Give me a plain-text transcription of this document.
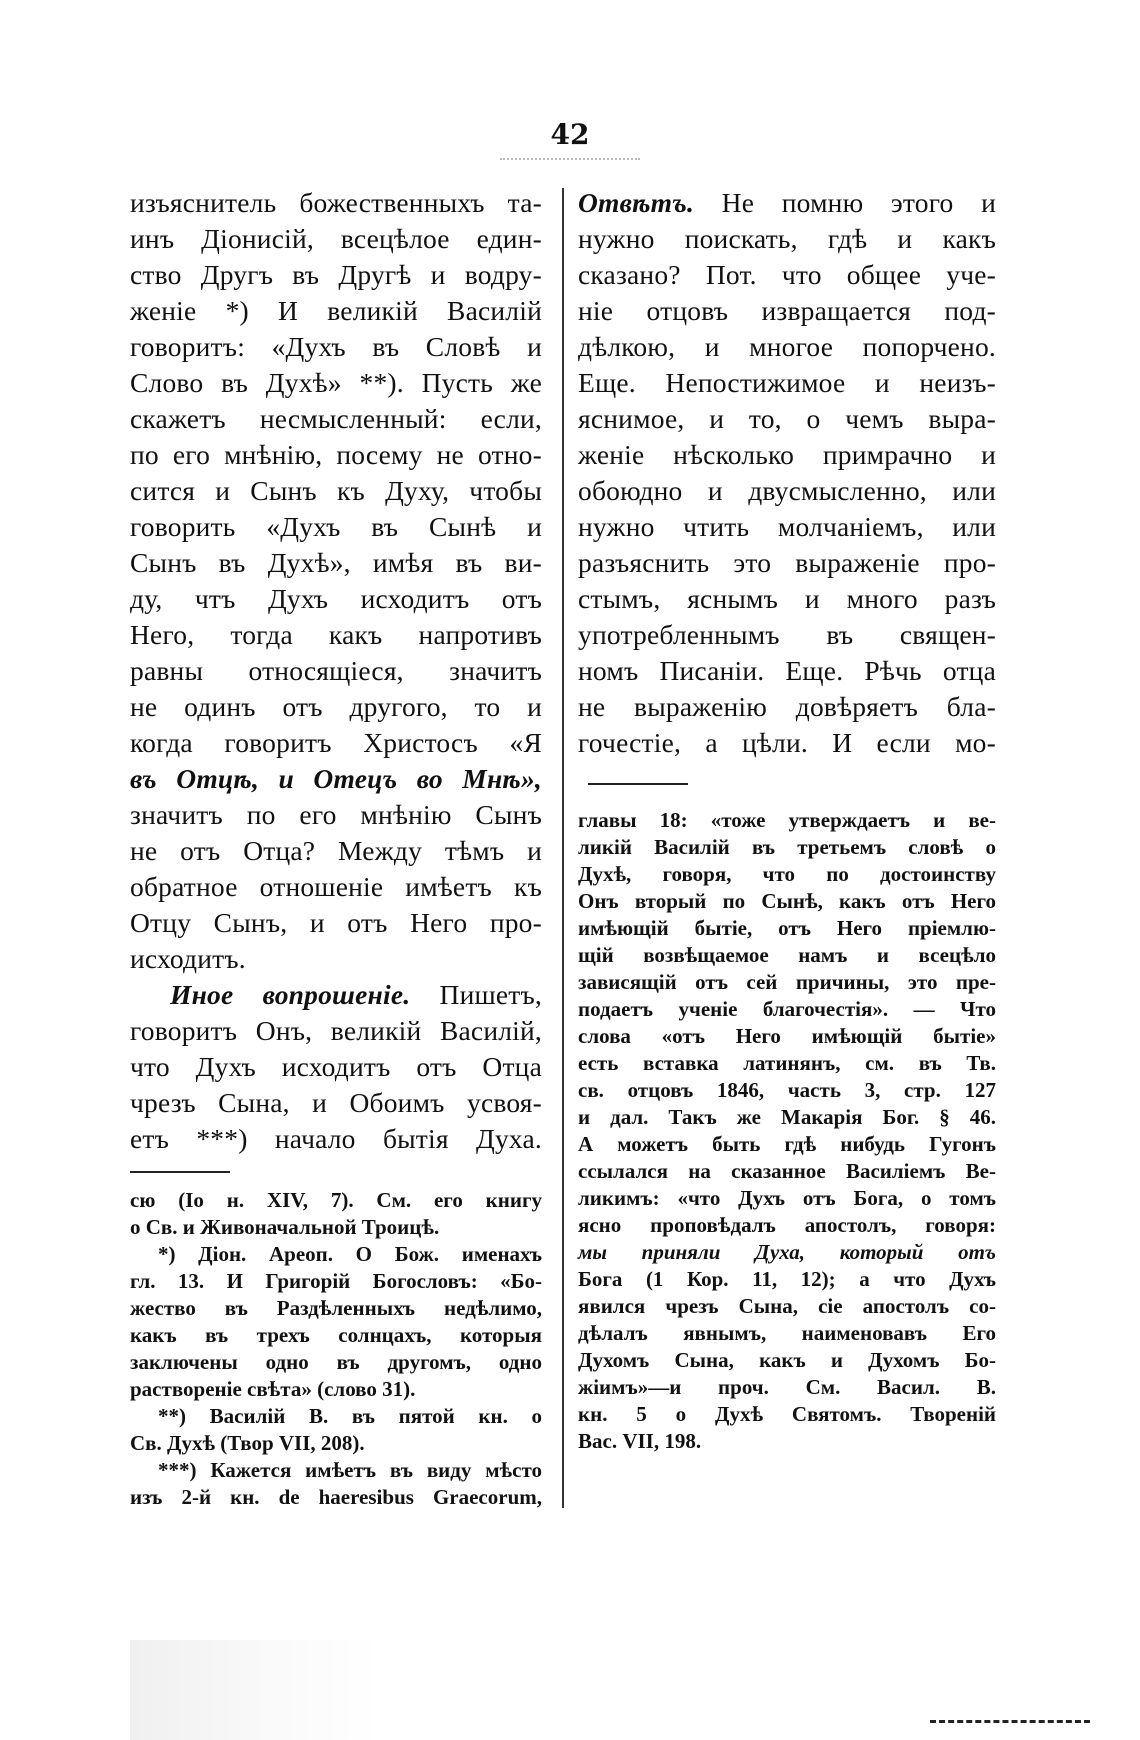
42
изъяснитель божественныхъ та-
инъ Діонисій, всецѣлое един-
ство Другъ въ Другѣ и водру-
женіе *) И великій Василій
говоритъ: «Духъ въ Словѣ и
Слово въ Духѣ» **). Пусть же
скажетъ несмысленный: если,
по его мнѣнію, посему не отно-
сится и Сынъ къ Духу, чтобы
говорить «Духъ въ Сынѣ и
Сынъ въ Духѣ», имѣя въ ви-
ду, чтъ Духъ исходитъ отъ
Него, тогда какъ напротивъ
равны относящіеся, значитъ
не одинъ отъ другого, то и
когда говоритъ Христосъ «Я
въ Отцѣ, и Отецъ во Мнѣ»,
значитъ по его мнѣнію Сынъ
не отъ Отца? Между тѣмъ и
обратное отношеніе имѣетъ къ
Отцу Сынъ, и отъ Него про-
исходитъ.

Иное вопрошеніе. Пишетъ,

говоритъ Онъ, великій Василій,
что Духъ исходитъ отъ Отца
чрезъ Сына, и Обоимъ усвоя-
етъ ***) начало бытія Духа.

сю (Іо н. XIV, 7). См. его книгу

о Св. и Живоначальной Троицѣ.

*) Діон. Ареоп. О Бож. именахъ

гл. 13. И Григорій Богословъ: «Бо-

жество въ Раздѣленныхъ недѣлимо,

какъ въ трехъ солнцахъ, которыя

заключены одно въ другомъ, одно

раствореніе свѣта» (слово 31).

**) Василій В. въ пятой кн. о

Св. Духѣ (Твор VII, 208).

***) Кажется имѣетъ въ виду мѣсто

изъ 2-й кн. de haeresibus Graecorum,

Отвѣтъ. Не помню этого и

нужно поискать, гдѣ и какъ
сказано? Пот. что общее уче-
ніе отцовъ извращается под-
дѣлкою, и многое попорчено.
Еще. Непостижимое и неизъ-
яснимое, и то, о чемъ выра-
женіе нѣсколько примрачно и
обоюдно и двусмысленно, или
нужно чтить молчаніемъ, или
разъяснить это выраженіе про-
стымъ, яснымъ и много разъ
употребленнымъ въ священ-
номъ Писаніи. Еще. Рѣчь отца
не выраженію довѣряетъ бла-
гочестіе, а цѣли. И если мо-

главы 18: «тоже утверждаетъ и ве-

ликій Василій въ третьемъ словѣ о

Духѣ, говоря, что по достоинству

Онъ вторый по Сынѣ, какъ отъ Него

имѣющій бытіе, отъ Него пріемлю-

щій возвѣщаемое намъ и всецѣло

зависящій отъ сей причины, это пре-

подаетъ ученіе благочестія». — Что

слова «отъ Него имѣющій бытіе»

есть вставка латинянъ, см. въ Тв.

св. отцовъ 1846, часть 3, стр. 127

и дал. Такъ же Макарія Бог. § 46.

А можетъ быть гдѣ нибудь Гугонъ

ссылался на сказанное Василіемъ Ве-

ликимъ: «что Духъ отъ Бога, о томъ

ясно проповѣдалъ апостолъ, говоря:

мы приняли Духа, который отъ

Бога (1 Кор. 11, 12); а что Духъ

явился чрезъ Сына, сіе апостолъ со-

дѣлалъ явнымъ, наименовавъ Его

Духомъ Сына, какъ и Духомъ Бо-

жіимъ»—и проч. См. Васил. В.

кн. 5 о Духѣ Святомъ. Твореній

Вас. VII, 198.
